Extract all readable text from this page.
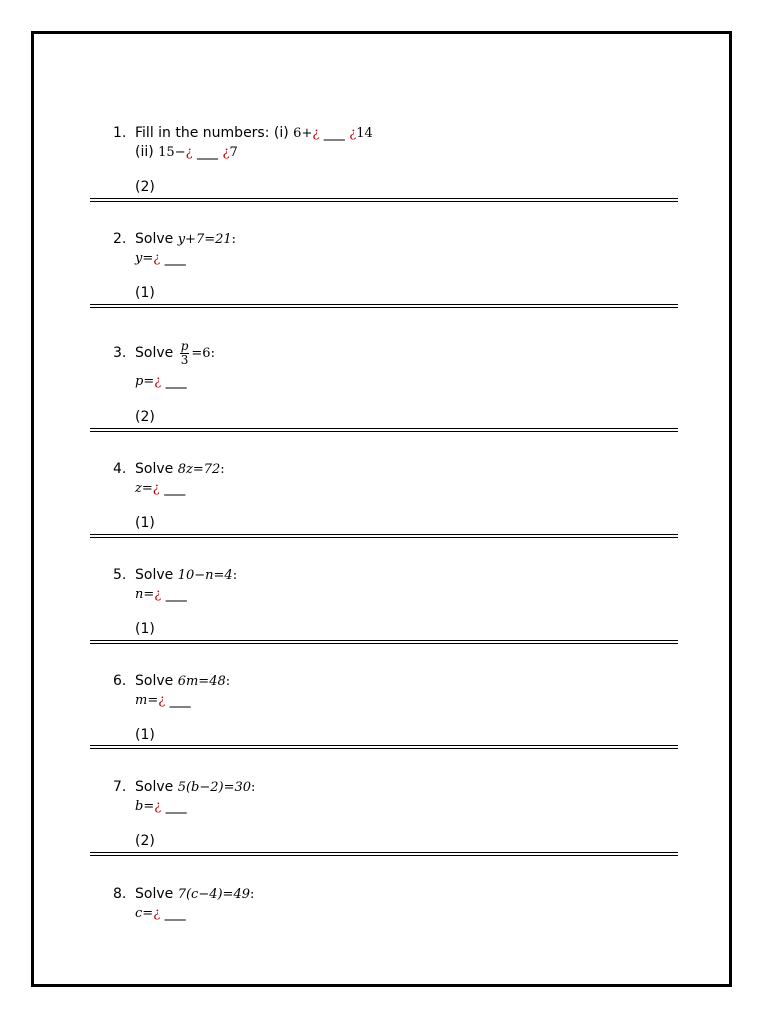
1. Fill in the numbers: (i) 6+¿ ___ ¿14
(ii) 15−¿ ___ ¿7
(2)
2. Solve y+7=21:
y=¿ ___
(1)
3. Solve $\frac{p}{3} =6$:
p=¿ ___
(2)
4. Solve 8z=72:
z=¿ ___
(1)
5. Solve 10−n=4:
n=¿ ___
(1)
6. Solve 6m=48:
m=¿ ___
(1)
7. Solve 5(b−2)=30:
b=¿ ___
(2)
8. Solve 7(c−4)=49:
c=¿ ___
